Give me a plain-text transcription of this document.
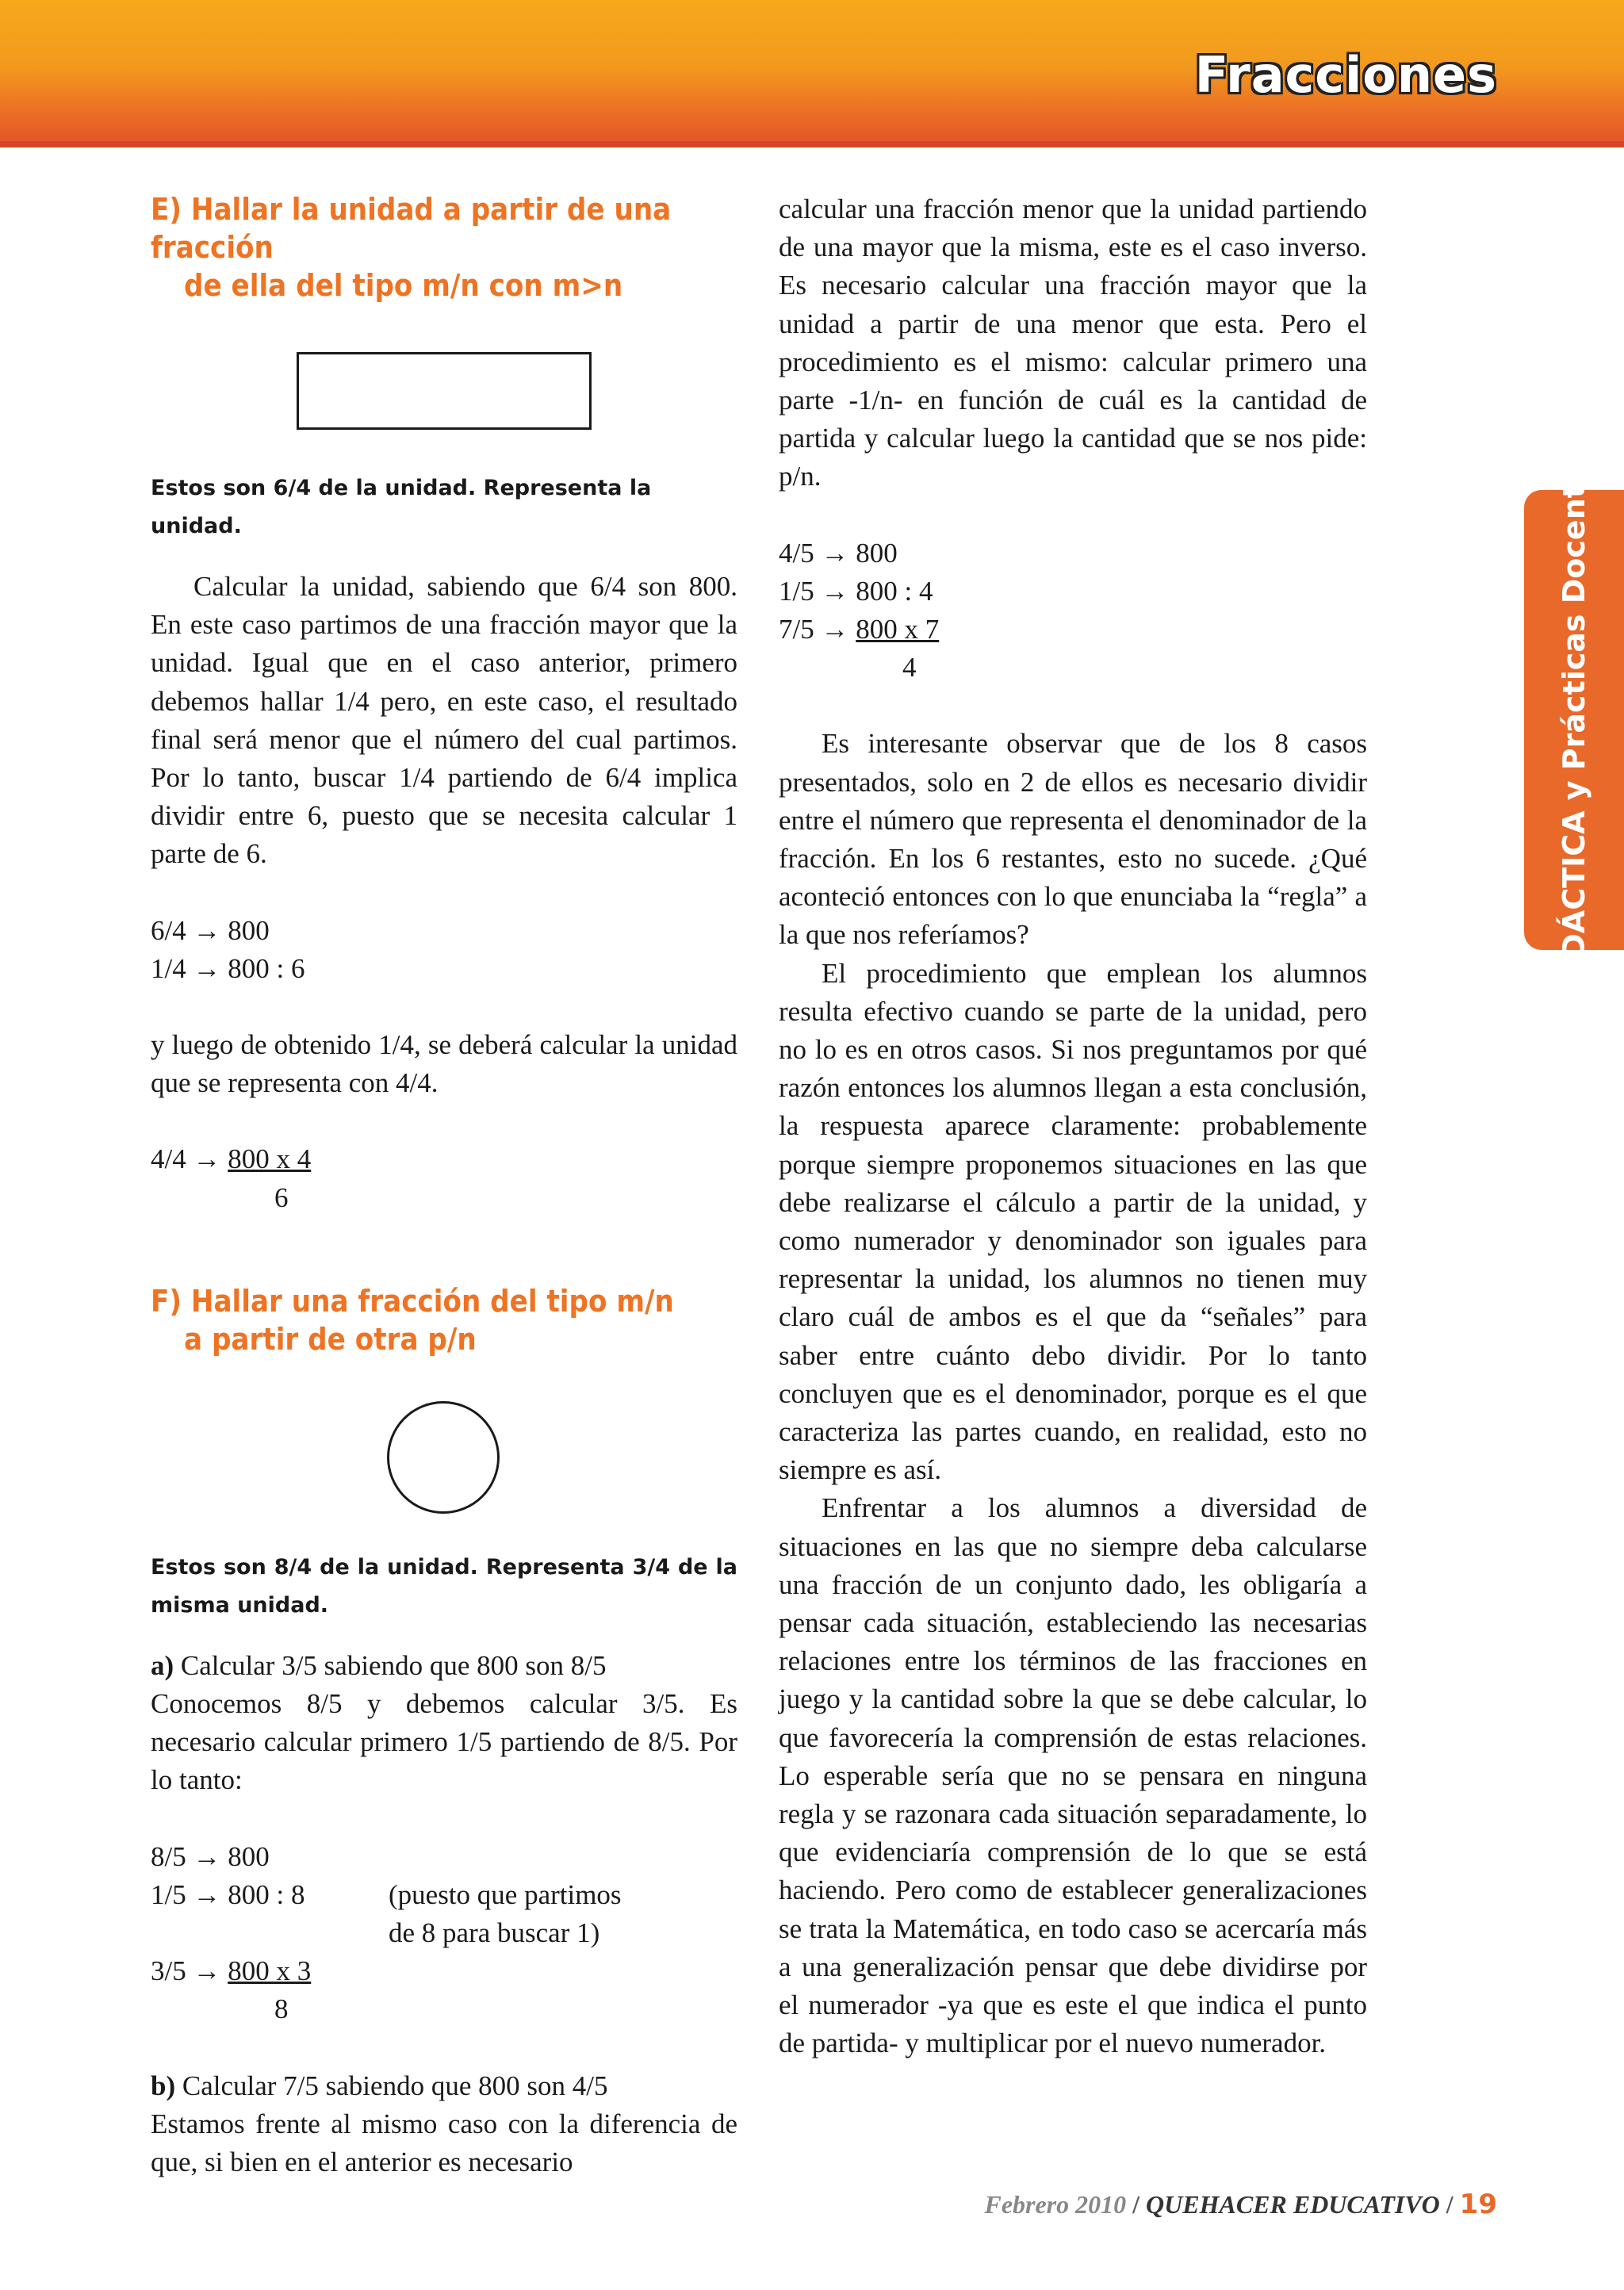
Fracciones
DIDÁCTICA y Prácticas Docentes

E) Hallar la unidad a partir de una fracción
de ella del tipo m/n con m>n

Estos son 6/4 de la unidad. Representa la unidad.

Calcular la unidad, sabiendo que 6/4 son 800. En este caso partimos de una fracción mayor que la unidad. Igual que en el caso anterior, primero debemos hallar 1/4 pero, en este caso, el resultado final será menor que el número del cual partimos. Por lo tanto, buscar 1/4 partiendo de 6/4 implica dividir entre 6, puesto que se necesita calcular 1 parte de 6.

6/4 → 800
1/4 → 800 : 6

y luego de obtenido 1/4, se deberá calcular la unidad que se representa con 4/4.

4/4 → 800 x 4
6

F) Hallar una fracción del tipo m/n
a partir de otra p/n

Estos son 8/4 de la unidad. Representa 3/4 de la misma unidad.

a) Calcular 3/5 sabiendo que 800 son 8/5

Conocemos 8/5 y debemos calcular 3/5. Es necesario calcular primero 1/5 partiendo de 8/5. Por lo tanto:

8/5 → 800
1/5 → 800 : 8	(puesto que partimos
de 8 para buscar 1)
3/5 → 800 x 3
8

b) Calcular 7/5 sabiendo que 800 son 4/5

Estamos frente al mismo caso con la diferencia de que, si bien en el anterior es necesario

calcular una fracción menor que la unidad partiendo de una mayor que la misma, este es el caso inverso. Es necesario calcular una fracción mayor que la unidad a partir de una menor que esta. Pero el procedimiento es el mismo: calcular primero una parte -1/n- en función de cuál es la cantidad de partida y calcular luego la cantidad que se nos pide: p/n.

4/5 → 800
1/5 → 800 : 4
7/5 → 800 x 7
4

Es interesante observar que de los 8 casos presentados, solo en 2 de ellos es necesario dividir entre el número que representa el denominador de la fracción. En los 6 restantes, esto no sucede. ¿Qué aconteció entonces con lo que enunciaba la “regla” a la que nos referíamos?

El procedimiento que emplean los alumnos resulta efectivo cuando se parte de la unidad, pero no lo es en otros casos. Si nos preguntamos por qué razón entonces los alumnos llegan a esta conclusión, la respuesta aparece claramente: probablemente porque siempre proponemos situaciones en las que debe realizarse el cálculo a partir de la unidad, y como numerador y denominador son iguales para representar la unidad, los alumnos no tienen muy claro cuál de ambos es el que da “señales” para saber entre cuánto debo dividir. Por lo tanto concluyen que es el denominador, porque es el que caracteriza las partes cuando, en realidad, esto no siempre es así.

Enfrentar a los alumnos a diversidad de situaciones en las que no siempre deba calcularse una fracción de un conjunto dado, les obligaría a pensar cada situación, estableciendo las necesarias relaciones entre los términos de las fracciones en juego y la cantidad sobre la que se debe calcular, lo que favorecería la comprensión de estas relaciones. Lo esperable sería que no se pensara en ninguna regla y se razonara cada situación separadamente, lo que evidenciaría comprensión de lo que se está haciendo. Pero como de establecer generalizaciones se trata la Matemática, en todo caso se acercaría más a una generalización pensar que debe dividirse por el numerador -ya que es este el que indica el punto de partida- y multiplicar por el nuevo numerador.

Febrero 2010 / QUEHACER EDUCATIVO / 19
